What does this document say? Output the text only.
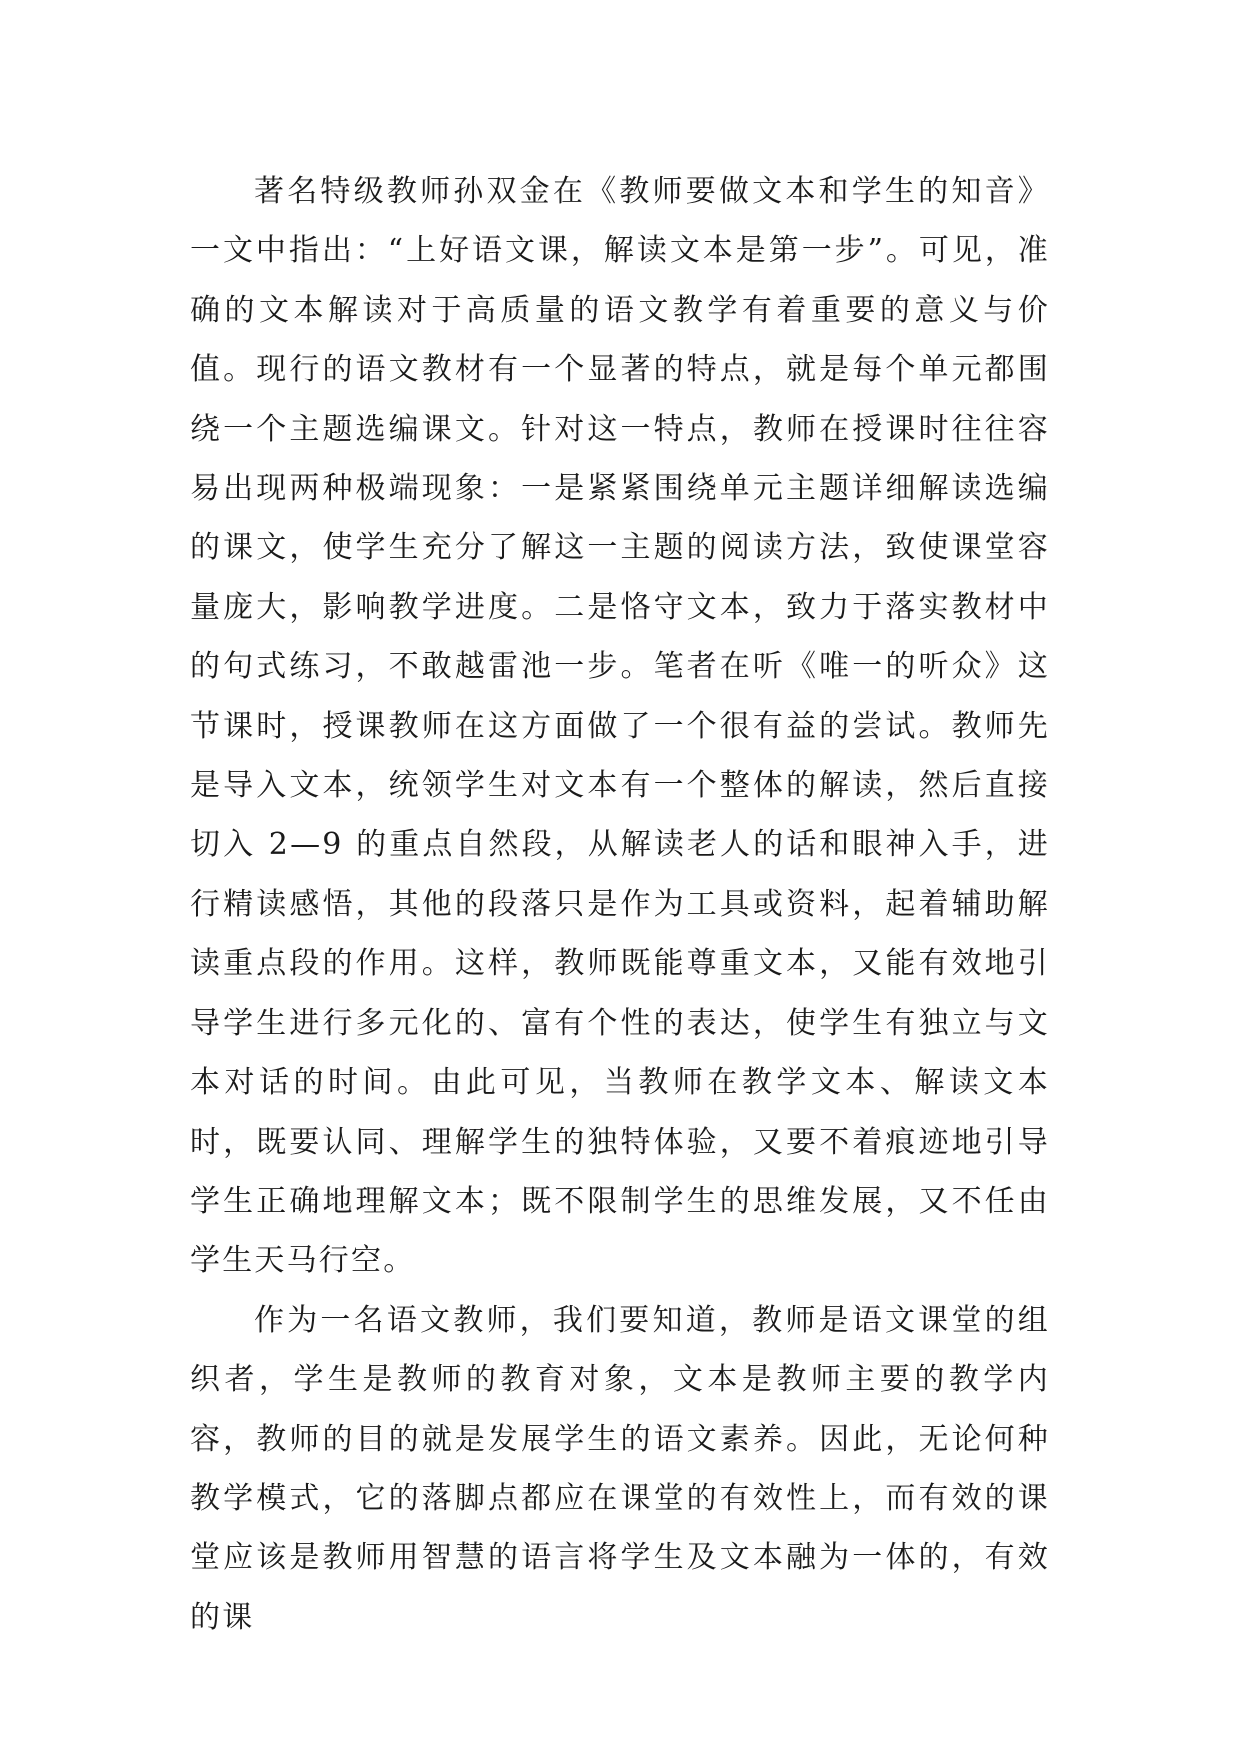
著名特级教师孙双金在《教师要做文本和学生的知音》一文中指出：“上好语文课，解读文本是第一步”。可见，准确的文本解读对于高质量的语文教学有着重要的意义与价值。现行的语文教材有一个显著的特点，就是每个单元都围绕一个主题选编课文。针对这一特点，教师在授课时往往容易出现两种极端现象：一是紧紧围绕单元主题详细解读选编的课文，使学生充分了解这一主题的阅读方法，致使课堂容量庞大，影响教学进度。二是恪守文本，致力于落实教材中的句式练习，不敢越雷池一步。笔者在听《唯一的听众》这节课时，授课教师在这方面做了一个很有益的尝试。教师先是导入文本，统领学生对文本有一个整体的解读，然后直接切入 2—9 的重点自然段，从解读老人的话和眼神入手，进行精读感悟，其他的段落只是作为工具或资料，起着辅助解读重点段的作用。这样，教师既能尊重文本，又能有效地引导学生进行多元化的、富有个性的表达，使学生有独立与文本对话的时间。由此可见，当教师在教学文本、解读文本时，既要认同、理解学生的独特体验，又要不着痕迹地引导学生正确地理解文本；既不限制学生的思维发展，又不任由学生天马行空。

作为一名语文教师，我们要知道，教师是语文课堂的组织者，学生是教师的教育对象，文本是教师主要的教学内容，教师的目的就是发展学生的语文素养。因此，无论何种教学模式，它的落脚点都应在课堂的有效性上，而有效的课堂应该是教师用智慧的语言将学生及文本融为一体的，有效的课
